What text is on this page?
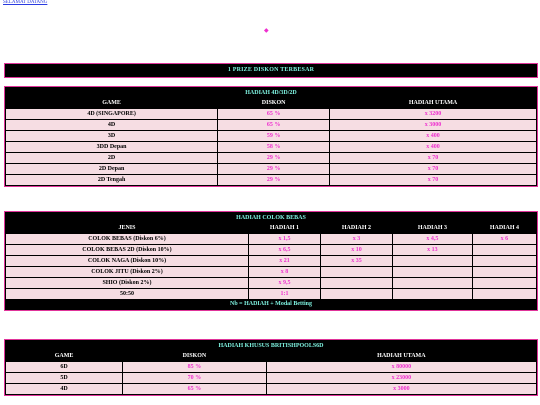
SELAMAT DATANG
◆
1 PRIZE DISKON TERBESAR
HADIAH 4D/3D/2D		
GAME	DISKON	HADIAH UTAMA
4D (SINGAPORE)	65 %	x 3200
4D	65 %	x 3000
3D	59 %	x 400
3DD Depan	58 %	x 400
2D	29 %	x 70
2D Depan	29 %	x 70
2D Tengah	29 %	x 70
HADIAH COLOK BEBAS				
JENIS	HADIAH 1	HADIAH 2	HADIAH 3	HADIAH 4
COLOK BEBAS (Diskon 6%)	x 1,5	x 3	x 4,5	x 6
COLOK BEBAS 2D (Diskon 10%)	x 6,5	x 10	x 13	
COLOK NAGA (Diskon 10%)	x 21	x 35		
COLOK JITU (Diskon 2%)	x 8			
SHIO (Diskon 2%)	x 9,5			
50:50	1:1			
Nb = HADIAH + Modal Betting				
HADIAH KHUSUS BRITISHPOOLS6D		
GAME	DISKON	HADIAH UTAMA
6D	85 %	x 80000
5D	70 %	x 23000
4D	65 %	x 3000
